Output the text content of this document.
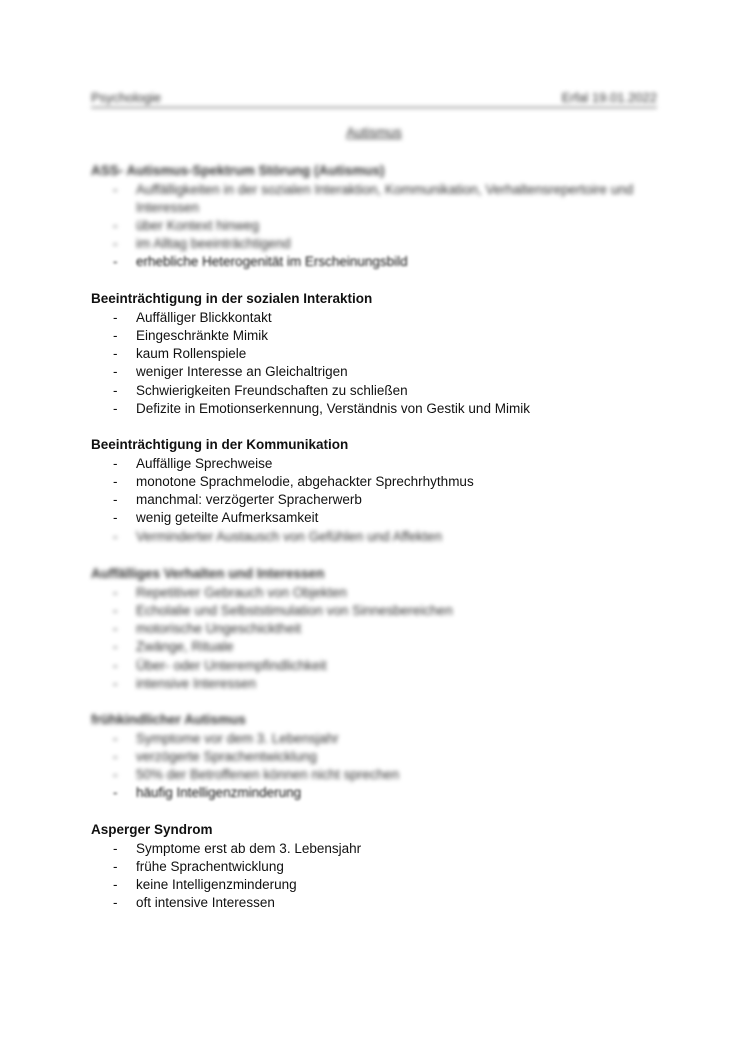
Psychologie	Erfal 19.01.2022
Autismus
ASS- Autismus-Spektrum Störung (Autismus)
- Auffälligkeiten in der sozialen Interaktion, Kommunikation, Verhaltensrepertoire und Interessen
- über Kontext hinweg
- im Alltag beeinträchtigend
- erhebliche Heterogenität im Erscheinungsbild
Beeinträchtigung in der sozialen Interaktion
- Auffälliger Blickkontakt
- Eingeschränkte Mimik
- kaum Rollenspiele
- weniger Interesse an Gleichaltrigen
- Schwierigkeiten Freundschaften zu schließen
- Defizite in Emotionserkennung, Verständnis von Gestik und Mimik
Beeinträchtigung in der Kommunikation
- Auffällige Sprechweise
- monotone Sprachmelodie, abgehackter Sprechrhythmus
- manchmal: verzögerter Spracherwerb
- wenig geteilte Aufmerksamkeit
- Verminderter Austausch von Gefühlen und Affekten
Auffälliges Verhalten und Interessen
- Repetitiver Gebrauch von Objekten
- Echolalie und Selbststimulation von Sinnesbereichen
- motorische Ungeschicktheit
- Zwänge, Rituale
- Über- oder Unterempfindlichkeit
- intensive Interessen
frühkindlicher Autismus
- Symptome vor dem 3. Lebensjahr
- verzögerte Sprachentwicklung
- 50% der Betroffenen können nicht sprechen
- häufig Intelligenzminderung
Asperger Syndrom
- Symptome erst ab dem 3. Lebensjahr
- frühe Sprachentwicklung
- keine Intelligenzminderung
- oft intensive Interessen
